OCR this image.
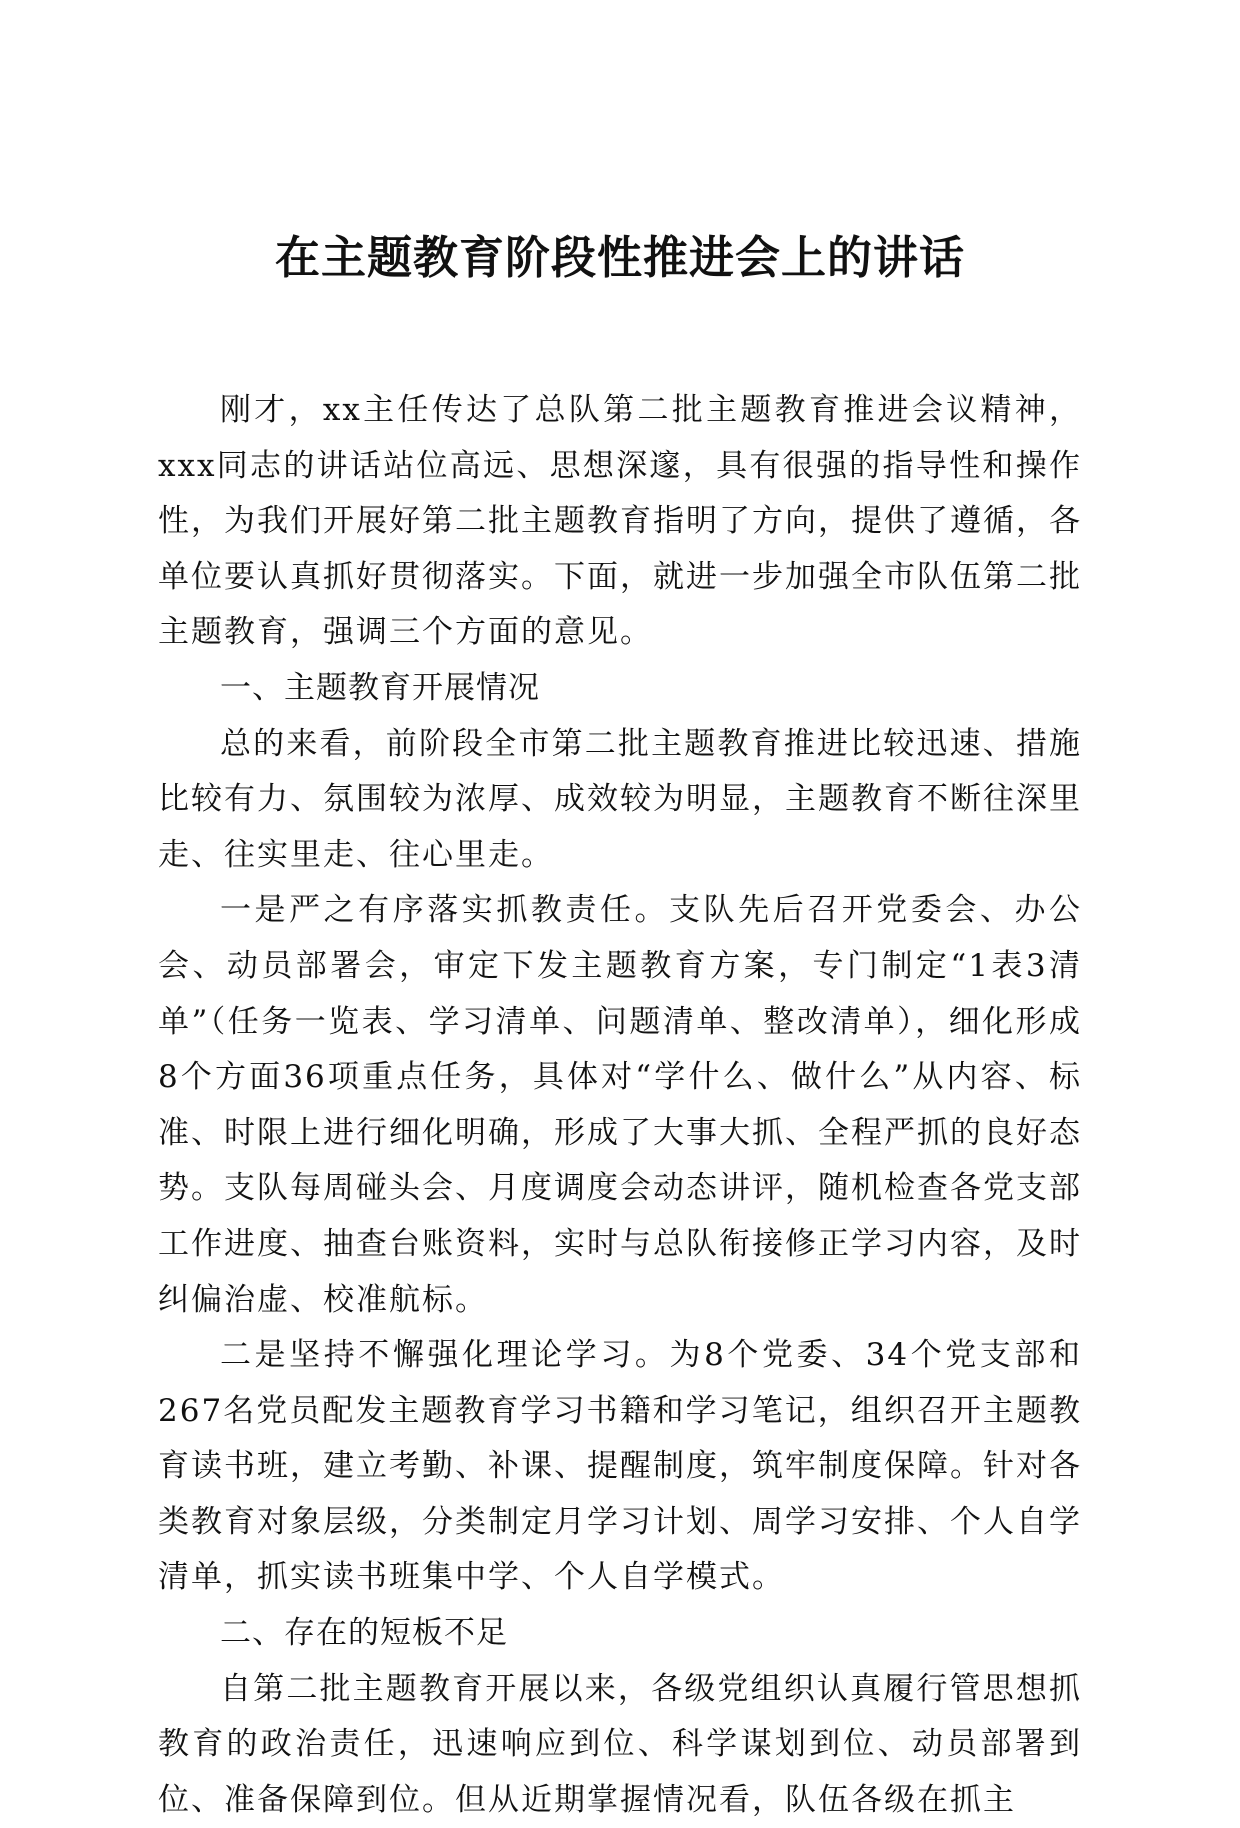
在主题教育阶段性推进会上的讲话

刚才，xx主任传达了总队第二批主题教育推进会议精神，xxx同志的讲话站位高远、思想深邃，具有很强的指导性和操作性，为我们开展好第二批主题教育指明了方向，提供了遵循，各单位要认真抓好贯彻落实。下面，就进一步加强全市队伍第二批主题教育，强调三个方面的意见。

一、主题教育开展情况

总的来看，前阶段全市第二批主题教育推进比较迅速、措施比较有力、氛围较为浓厚、成效较为明显，主题教育不断往深里走、往实里走、往心里走。

一是严之有序落实抓教责任。支队先后召开党委会、办公会、动员部署会，审定下发主题教育方案，专门制定“1表3清单”（任务一览表、学习清单、问题清单、整改清单），细化形成8个方面36项重点任务，具体对“学什么、做什么”从内容、标准、时限上进行细化明确，形成了大事大抓、全程严抓的良好态势。支队每周碰头会、月度调度会动态讲评，随机检查各党支部工作进度、抽查台账资料，实时与总队衔接修正学习内容，及时纠偏治虚、校准航标。

二是坚持不懈强化理论学习。为8个党委、34个党支部和267名党员配发主题教育学习书籍和学习笔记，组织召开主题教育读书班，建立考勤、补课、提醒制度，筑牢制度保障。针对各类教育对象层级，分类制定月学习计划、周学习安排、个人自学清单，抓实读书班集中学、个人自学模式。

二、存在的短板不足

自第二批主题教育开展以来，各级党组织认真履行管思想抓教育的政治责任，迅速响应到位、科学谋划到位、动员部署到位、准备保障到位。但从近期掌握情况看，队伍各级在抓主
